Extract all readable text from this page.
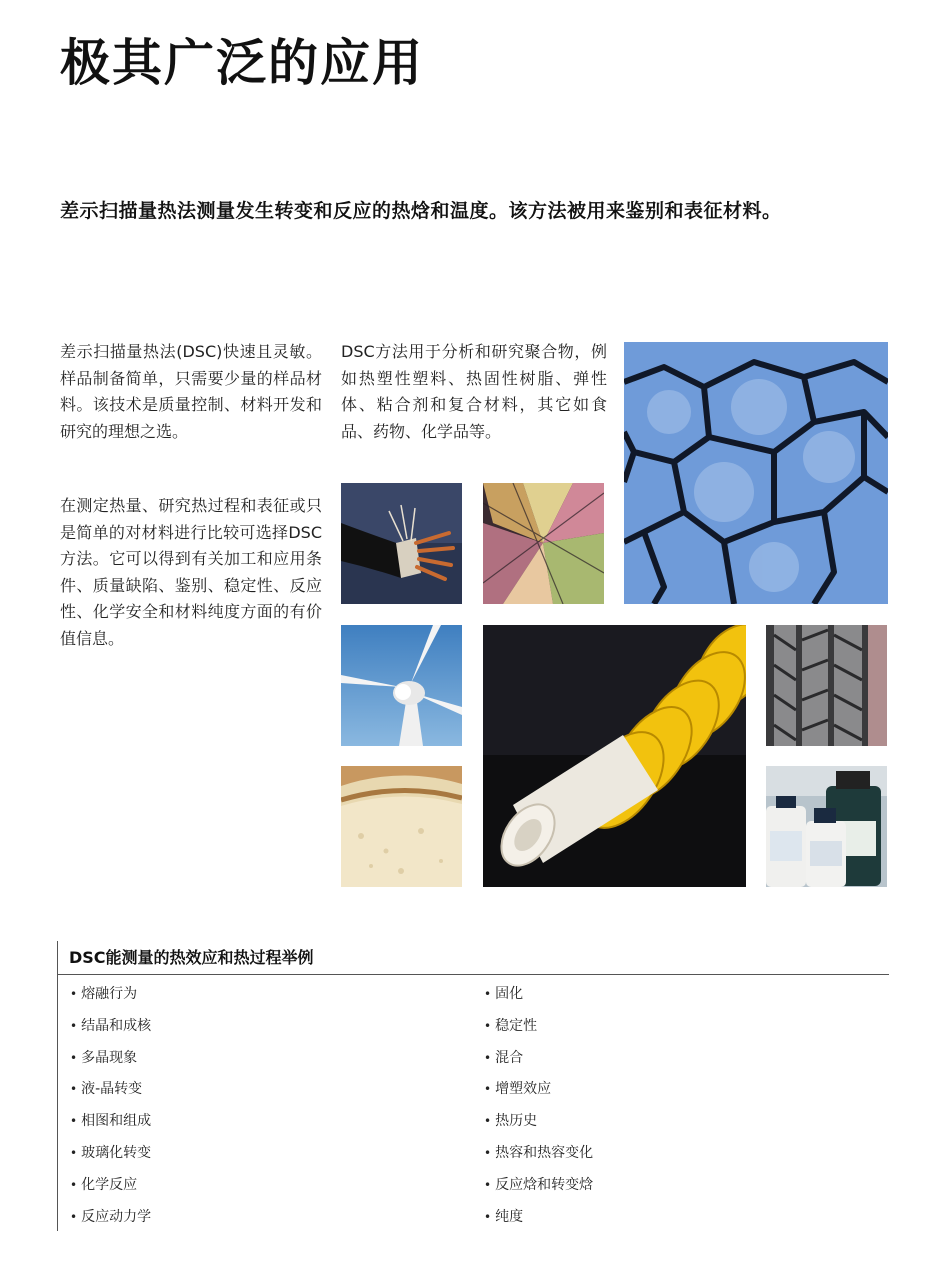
极其广泛的应用

差示扫描量热法测量发生转变和反应的热焓和温度。该方法被用来鉴别和表征材料。

差示扫描量热法(DSC)快速且灵敏。样品制备简单，只需要少量的样品材料。该技术是质量控制、材料开发和研究的理想之选。

在测定热量、研究热过程和表征或只是简单的对材料进行比较可选择DSC方法。它可以得到有关加工和应用条件、质量缺陷、鉴别、稳定性、反应性、化学安全和材料纯度方面的有价值信息。

DSC方法用于分析和研究聚合物，例如热塑性塑料、热固性树脂、弹性体、粘合剂和复合材料，其它如食品、药物、化学品等。

DSC能测量的热效应和热过程举例
• 熔融行为
• 结晶和成核
• 多晶现象
• 液-晶转变
• 相图和组成
• 玻璃化转变
• 化学反应
• 反应动力学
• 固化
• 稳定性
• 混合
• 增塑效应
• 热历史
• 热容和热容变化
• 反应焓和转变焓
• 纯度
